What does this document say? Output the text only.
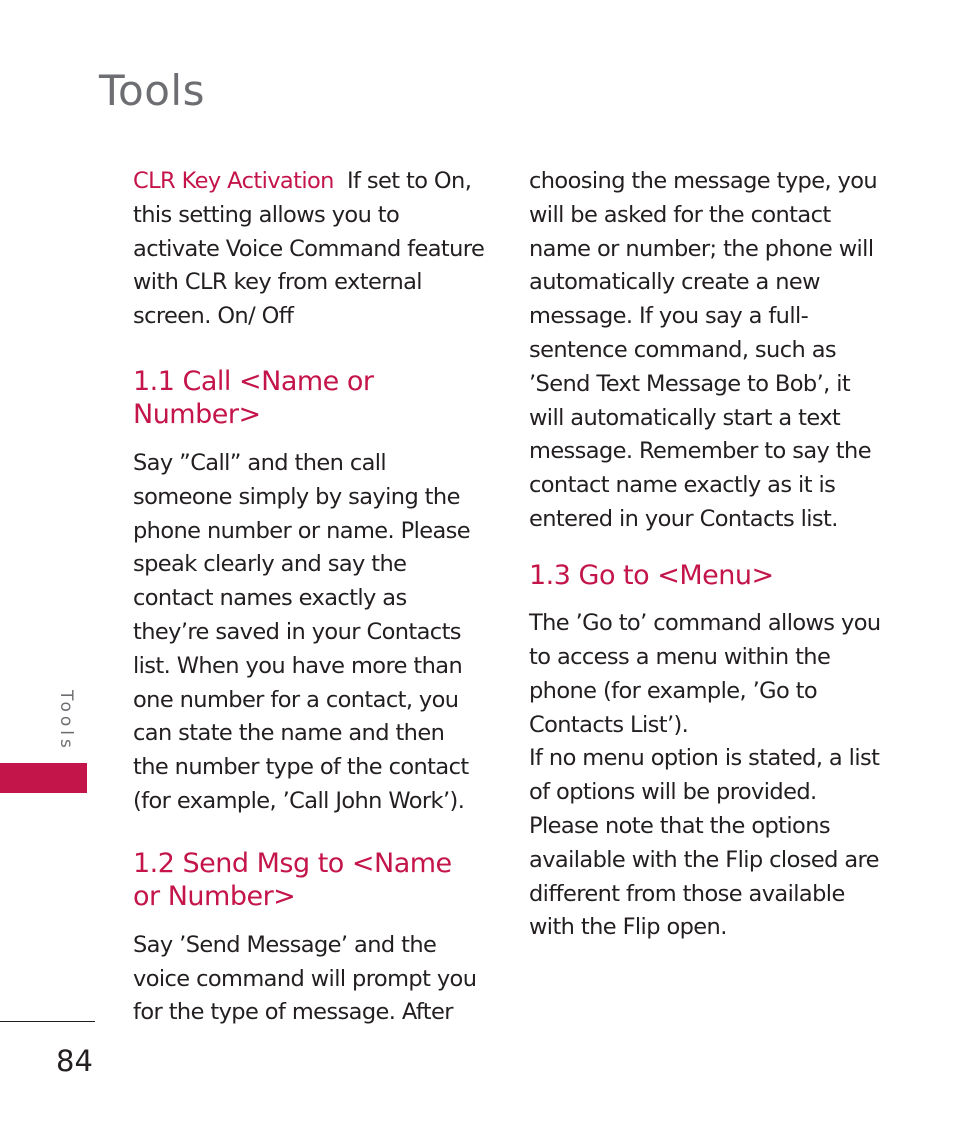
Tools

CLR Key Activation If set to On, this setting allows you to activate Voice Command feature with CLR key from external screen. On/ Off

1.1 Call <Name or Number>

Say ”Call” and then call someone simply by saying the phone number or name. Please speak clearly and say the contact names exactly as they’re saved in your Contacts list. When you have more than one number for a contact, you can state the name and then the number type of the contact (for example, ’Call John Work’).

1.2 Send Msg to <Name or Number>

Say ’Send Message’ and the voice command will prompt you for the type of message. After

choosing the message type, you will be asked for the contact name or number; the phone will automatically create a new message. If you say a full-sentence command, such as ’Send Text Message to Bob’, it will automatically start a text message. Remember to say the contact name exactly as it is entered in your Contacts list.

1.3 Go to <Menu>

The ’Go to’ command allows you to access a menu within the phone (for example, ’Go to Contacts List’).

If no menu option is stated, a list of options will be provided. Please note that the options available with the Flip closed are different from those available with the Flip open.

Tools
84
